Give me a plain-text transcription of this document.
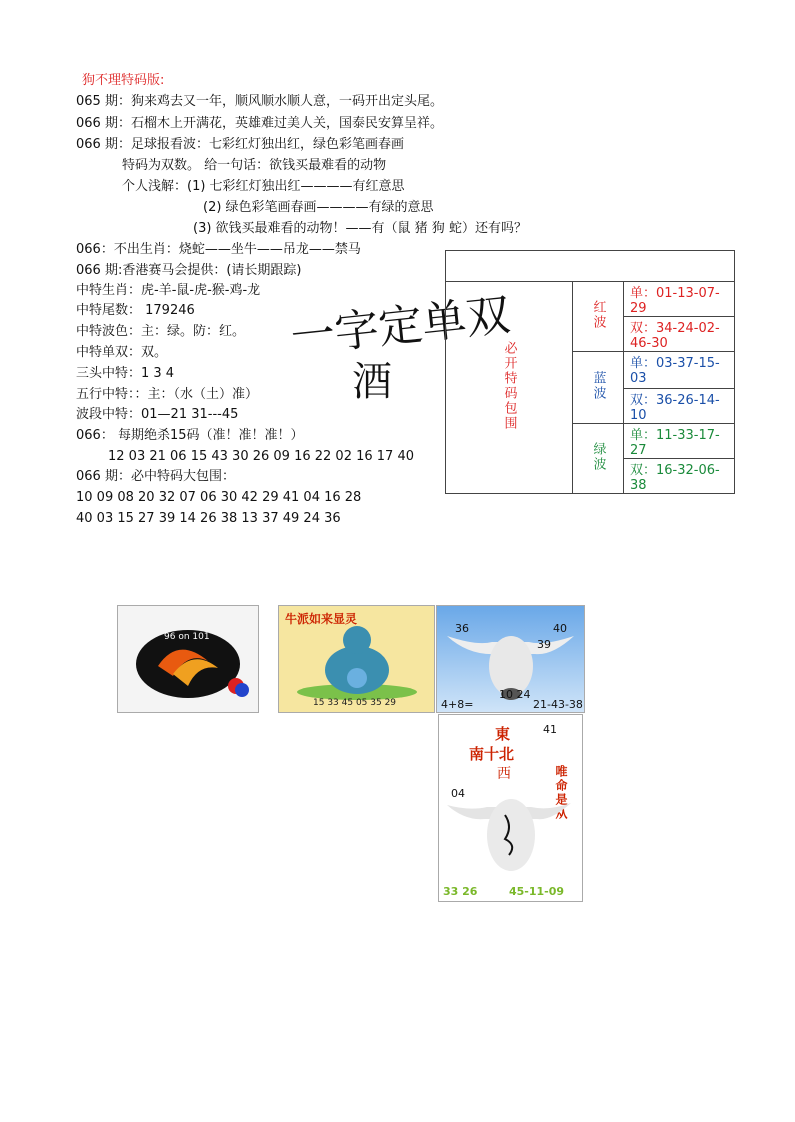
狗不理特码版:
065 期：狗来鸡去又一年，顺风顺水顺人意，一码开出定头尾。
066 期：石榴木上开满花，英雄难过美人关，国泰民安算呈祥。
066 期：足球报看波：七彩红灯独出红，绿色彩笔画春画
特码为双数。 给一句话：欲钱买最难看的动物
个人浅解：(1) 七彩红灯独出红————有红意思
(2) 绿色彩笔画春画————有绿的意思
(3) 欲钱买最难看的动物！——有（鼠 猪 狗 蛇）还有吗？
066：不出生肖：烧蛇——坐牛——吊龙——禁马
066 期:香港赛马会提供：(请长期跟踪)
中特生肖：虎-羊-鼠-虎-猴-鸡-龙
中特尾数： 179246
中特波色：主：绿。防：红。
中特单双：双。
三头中特：1 3 4
五行中特：：主：（水（土）准）
波段中特：01—21 31---45
066： 每期绝杀15码（准！准！准！）
12 03 21 06 15 43 30 26 09 16 22 02 16 17 40
066 期：必中特码大包围：
10 09 08 20 32 07 06 30 42 29 41 04 16 28
40 03 15 27 39 14 26 38 13 37 49 24 36
一字定单双
酒	必开特码包围	红波	单：01-13-07-29
		双：34-24-02-46-30
	蓝波	单：03-37-15-03
		双：36-26-14-10
	绿波	单：11-33-17-27
		双：16-32-06-38
96 on 101
牛派如来显灵
15 33 45 05 35 29
36	40
39
10 24
21-43-38
4+8=
東
南十北
西
41
04	唯命是从
33 26	45-11-09
